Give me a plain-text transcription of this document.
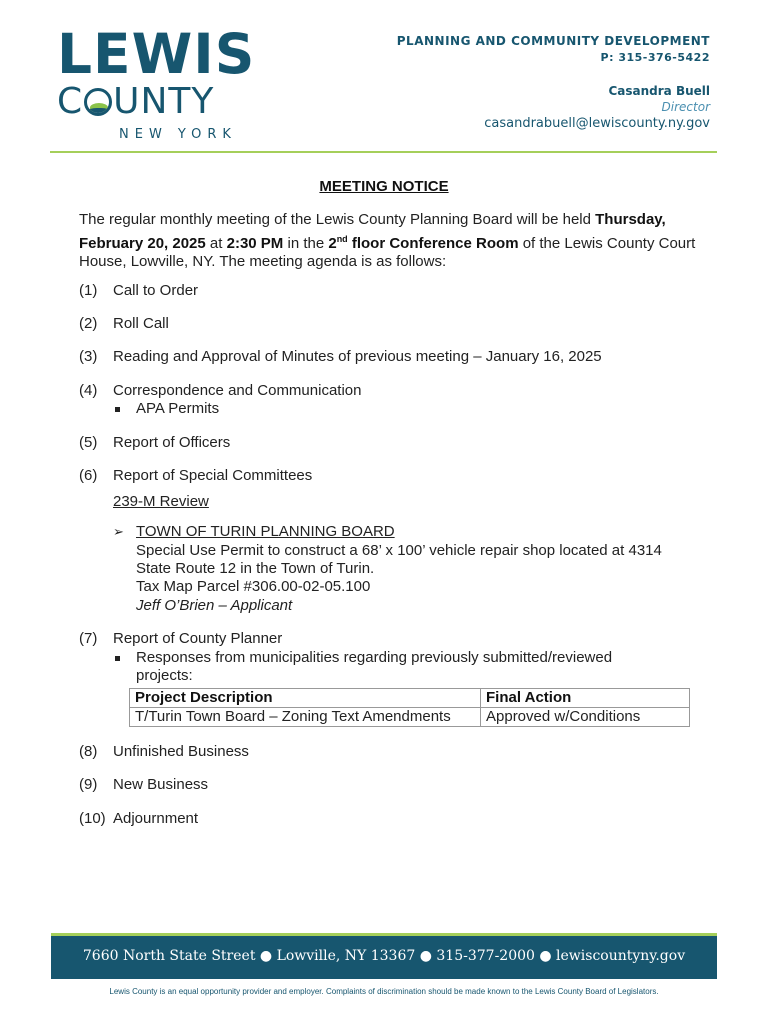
LEWIS
C UNTY
NEW YORK
PLANNING AND COMMUNITY DEVELOPMENT
P: 315-376-5422
Casandra Buell
Director
casandrabuell@lewiscounty.ny.gov
MEETING NOTICE
The regular monthly meeting of the Lewis County Planning Board will be held Thursday,
February 20, 2025 at 2:30 PM in the 2nd floor Conference Room of the Lewis County Court House, Lowville, NY. The meeting agenda is as follows:
(1)	Call to Order
(2)	Roll Call
(3)	Reading and Approval of Minutes of previous meeting – January 16, 2025
(4)	Correspondence and Communication
APA Permits
(5)	Report of Officers
(6)	Report of Special Committees
239-M Review
➢ TOWN OF TURIN PLANNING BOARD
Special Use Permit to construct a 68’ x 100’ vehicle repair shop located at 4314
State Route 12 in the Town of Turin.
Tax Map Parcel #306.00-02-05.100
Jeff O’Brien – Applicant
(7)	Report of County Planner
Responses from municipalities regarding previously submitted/reviewed
projects:
Project Description	Final Action
T/Turin Town Board – Zoning Text Amendments	Approved w/Conditions
(8)	Unfinished Business
(9)	New Business
(10) Adjournment
7660 North State Street ● Lowville, NY 13367 ● 315-377-2000 ● lewiscountyny.gov
Lewis County is an equal opportunity provider and employer. Complaints of discrimination should be made known to the Lewis County Board of Legislators.
